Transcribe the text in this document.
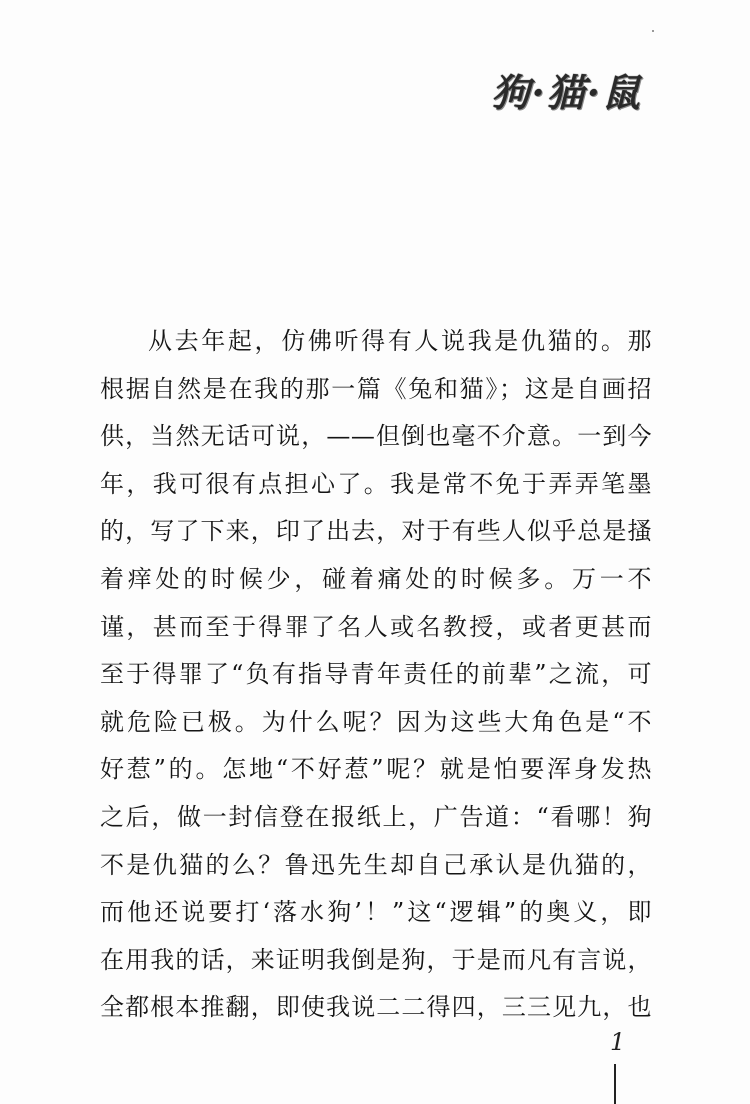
狗·猫·鼠
从去年起，仿佛听得有人说我是仇猫的。那
根据自然是在我的那一篇《兔和猫》；这是自画招
供，当然无话可说，——但倒也毫不介意。一到今
年，我可很有点担心了。我是常不免于弄弄笔墨
的，写了下来，印了出去，对于有些人似乎总是搔
着痒处的时候少，碰着痛处的时候多。万一不
谨，甚而至于得罪了名人或名教授，或者更甚而
至于得罪了“负有指导青年责任的前辈”之流，可
就危险已极。为什么呢？因为这些大角色是“不
好惹”的。怎地“不好惹”呢？就是怕要浑身发热
之后，做一封信登在报纸上，广告道：“看哪！狗
不是仇猫的么？鲁迅先生却自己承认是仇猫的，
而他还说要打‘落水狗’！”这“逻辑”的奥义，即
在用我的话，来证明我倒是狗，于是而凡有言说，
全都根本推翻，即使我说二二得四，三三见九，也
1
